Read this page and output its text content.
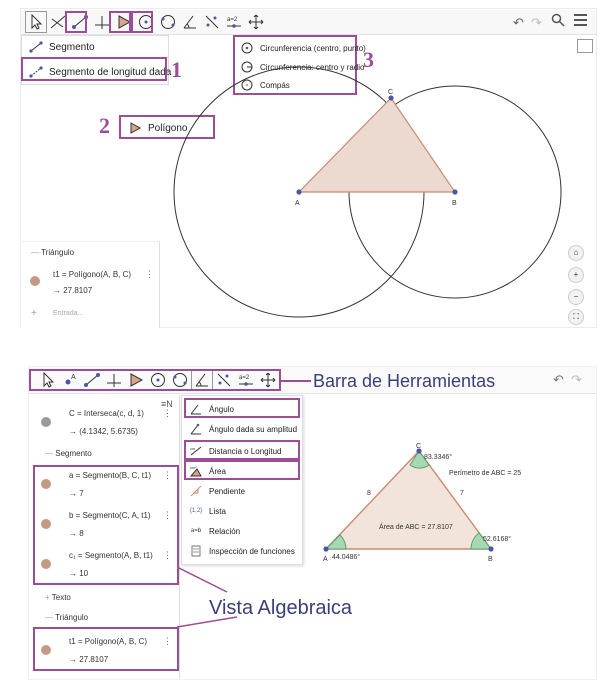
a=2	↶ ↷
Segmento
Segmento de longitud dada 1
Polígono
2
Circunferencia (centro, punto)
Circunferencia: centro y radio
Compás
3
A	B
C
⌂
+
−
⛶
— Triángulo
t1 = Polígono(A, B, C) ⋮
→ 27.8107
+ Entrada...
A	a=2	↶ ↷
Barra de Herramientas
C = Interseca(c, d, 1) ⋮
→ (4.1342, 5.6735)
— Segmento
a = Segmento(B, C, t1) ⋮
→ 7
b = Segmento(C, A, t1) ⋮
→ 8
c₁ = Segmento(A, B, t1) ⋮
→ 10
+ Texto
— Triángulo
t1 = Polígono(A, B, C) ⋮
→ 27.8107
Vista Algebraica
≡N	Ángulo
Ángulo dada su amplitud
cm Distancia o Longitud
cm² Área
Pendiente
{1,2} Lista
a=b Relación
Inspección de funciones
A	B
C
83.3346°
44.0486°
52.6168°
8	7
Perímetro de ABC = 25
Área de ABC = 27.8107
